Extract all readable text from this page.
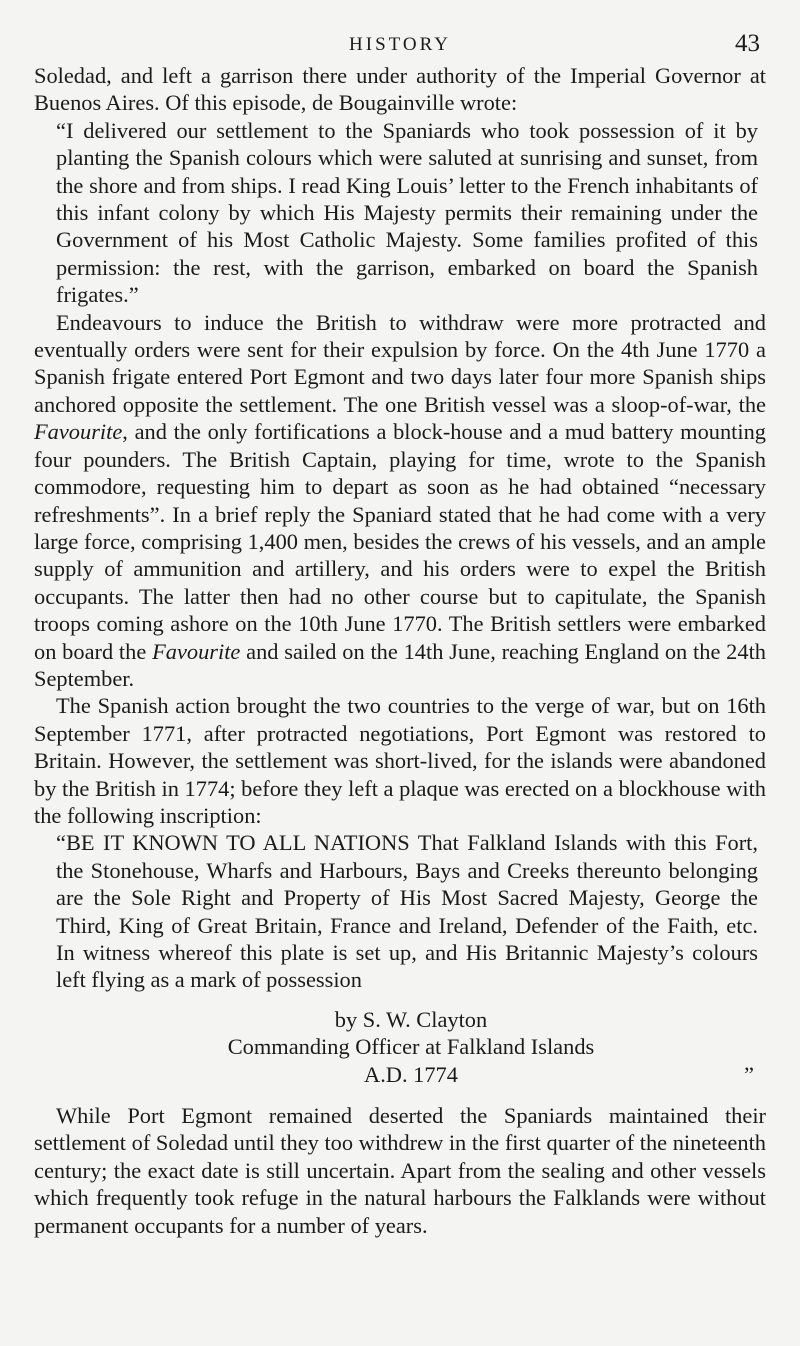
HISTORY	43

Soledad, and left a garrison there under authority of the Imperial Governor at Buenos Aires. Of this episode, de Bougainville wrote:

“I delivered our settlement to the Spaniards who took possession of it by planting the Spanish colours which were saluted at sunrising and sunset, from the shore and from ships. I read King Louis’ letter to the French inhabitants of this infant colony by which His Majesty permits their remaining under the Government of his Most Catholic Majesty. Some families profited of this permission: the rest, with the garrison, embarked on board the Spanish frigates.”

Endeavours to induce the British to withdraw were more protracted and eventually orders were sent for their expulsion by force. On the 4th June 1770 a Spanish frigate entered Port Egmont and two days later four more Spanish ships anchored opposite the settlement. The one British vessel was a sloop-of-war, the Favourite, and the only fortifications a block-house and a mud battery mounting four pounders. The British Captain, playing for time, wrote to the Spanish commodore, requesting him to depart as soon as he had obtained “necessary refreshments”. In a brief reply the Spaniard stated that he had come with a very large force, comprising 1,400 men, besides the crews of his vessels, and an ample supply of ammunition and artillery, and his orders were to expel the British occupants. The latter then had no other course but to capitulate, the Spanish troops coming ashore on the 10th June 1770. The British settlers were embarked on board the Favourite and sailed on the 14th June, reaching England on the 24th September.

The Spanish action brought the two countries to the verge of war, but on 16th September 1771, after protracted negotiations, Port Egmont was restored to Britain. However, the settlement was short-lived, for the islands were abandoned by the British in 1774; before they left a plaque was erected on a blockhouse with the following inscription:

“BE IT KNOWN TO ALL NATIONS That Falkland Islands with this Fort, the Stonehouse, Wharfs and Harbours, Bays and Creeks thereunto belonging are the Sole Right and Property of His Most Sacred Majesty, George the Third, King of Great Britain, France and Ireland, Defender of the Faith, etc. In witness whereof this plate is set up, and His Britannic Majesty’s colours left flying as a mark of possession

by S. W. Clayton
Commanding Officer at Falkland Islands
A.D. 1774	”

While Port Egmont remained deserted the Spaniards maintained their settlement of Soledad until they too withdrew in the first quarter of the nineteenth century; the exact date is still uncertain. Apart from the sealing and other vessels which frequently took refuge in the natural harbours the Falklands were without permanent occupants for a number of years.
